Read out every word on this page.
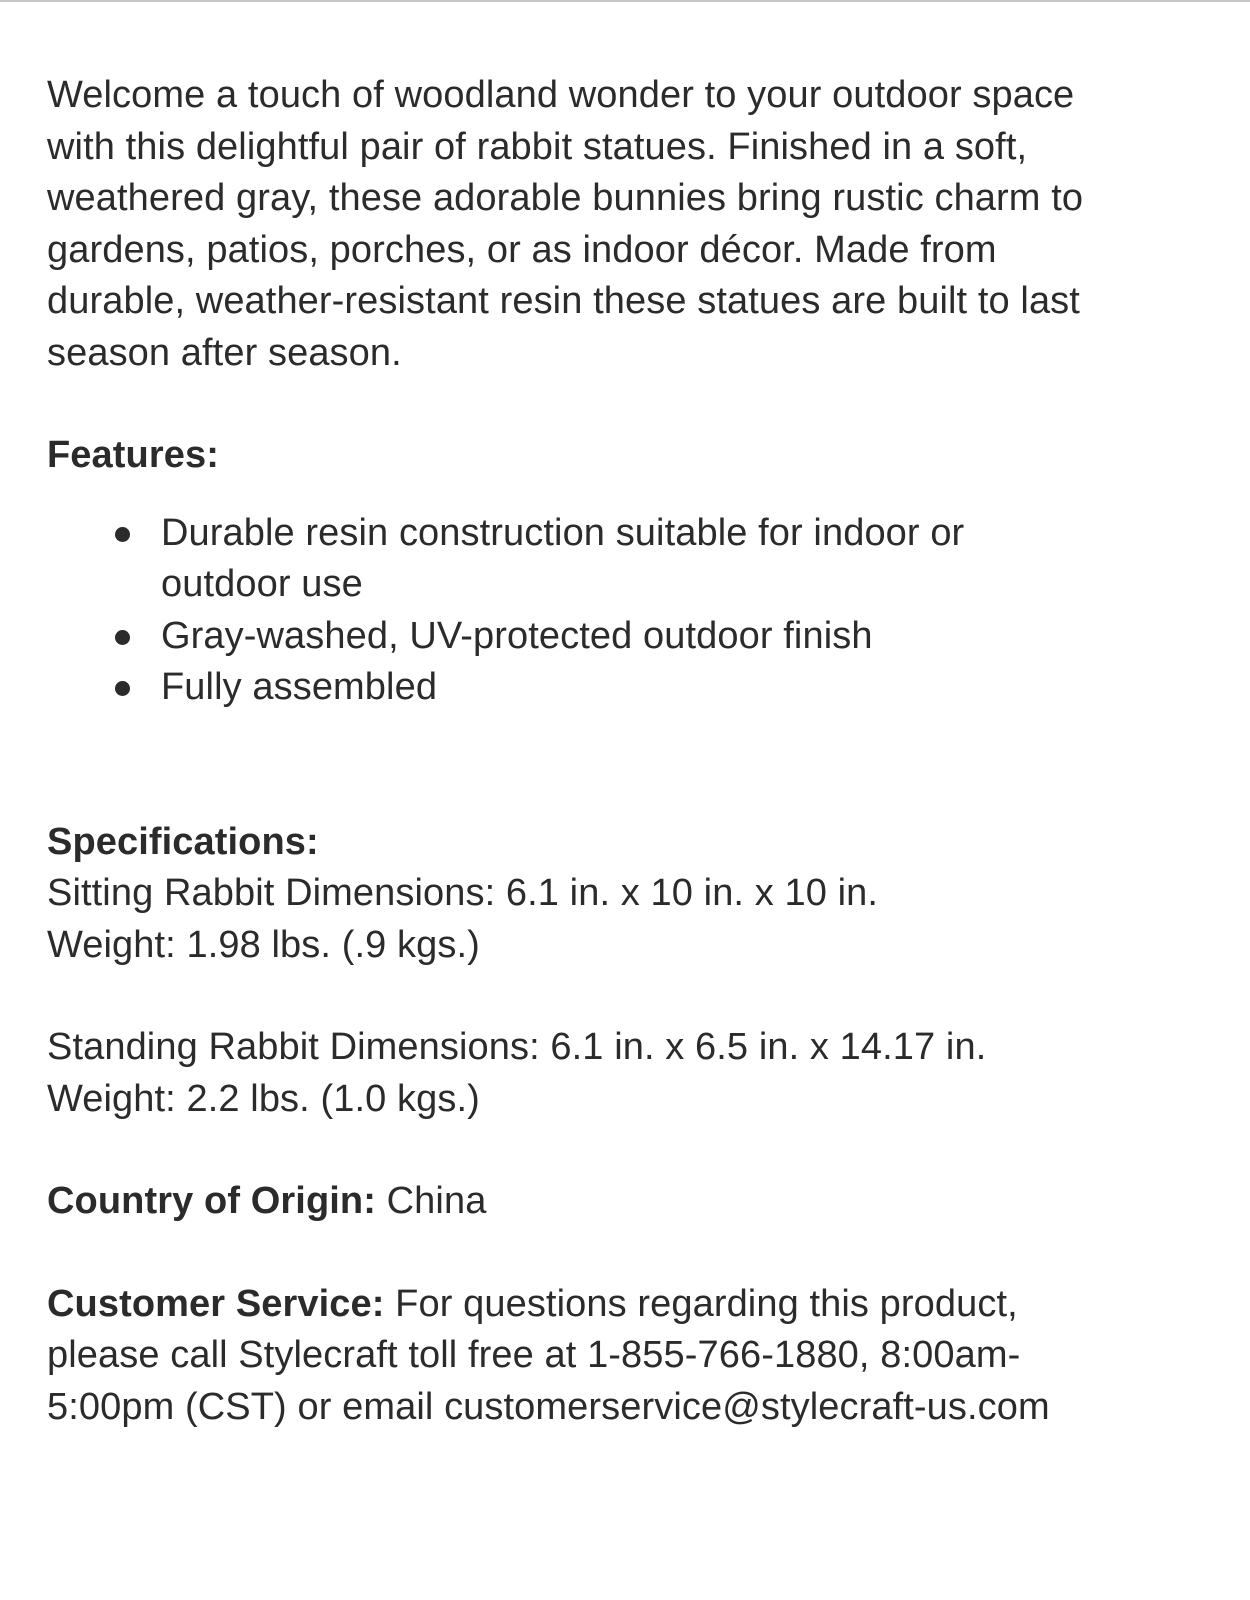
Welcome a touch of woodland wonder to your outdoor space

with this delightful pair of rabbit statues. Finished in a soft,

weathered gray, these adorable bunnies bring rustic charm to

gardens, patios, porches, or as indoor décor. Made from

durable, weather-resistant resin these statues are built to last

season after season.

Features:

Durable resin construction suitable for indoor or
outdoor use
Gray-washed, UV-protected outdoor finish
Fully assembled

Specifications:

Sitting Rabbit Dimensions: 6.1 in. x 10 in. x 10 in.

Weight: 1.98 lbs. (.9 kgs.)

Standing Rabbit Dimensions: 6.1 in. x 6.5 in. x 14.17 in.

Weight: 2.2 lbs. (1.0 kgs.)

Country of Origin: China

Customer Service: For questions regarding this product,

please call Stylecraft toll free at 1-855-766-1880, 8:00am-

5:00pm (CST) or email customerservice@stylecraft-us.com
